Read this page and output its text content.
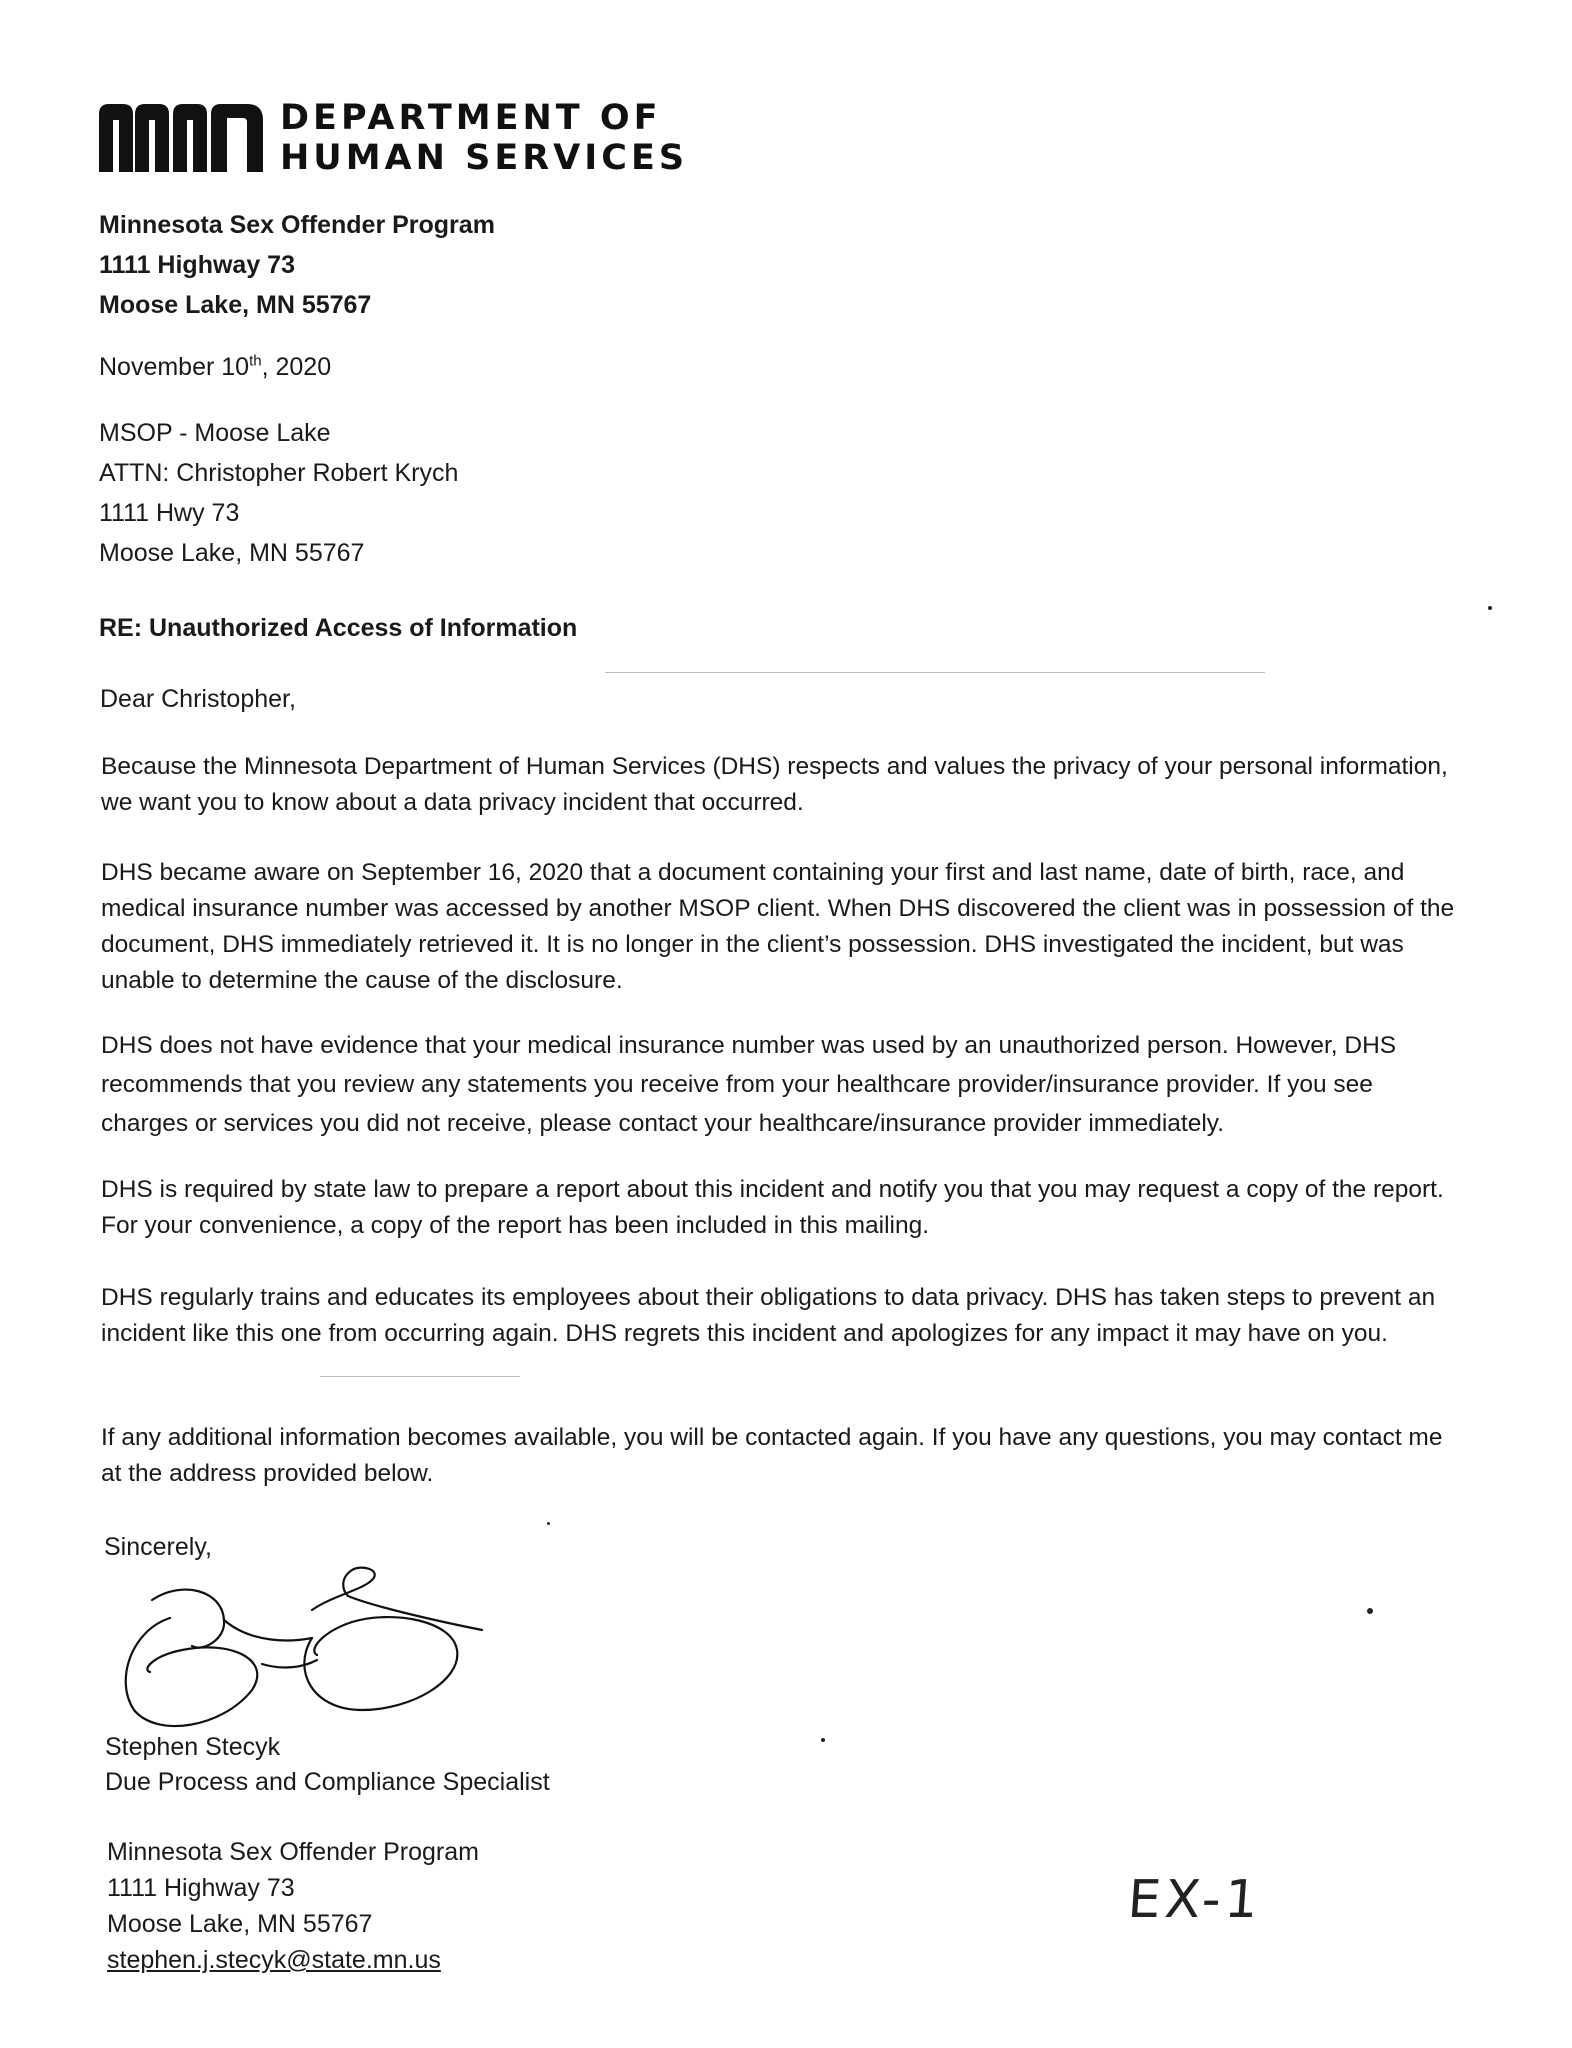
DEPARTMENT OF
HUMAN SERVICES
Minnesota Sex Offender Program
1111 Highway 73
Moose Lake, MN 55767
November 10th, 2020
MSOP - Moose Lake
ATTN: Christopher Robert Krych
1111 Hwy 73
Moose Lake, MN 55767
RE: Unauthorized Access of Information
Dear Christopher,
Because the Minnesota Department of Human Services (DHS) respects and values the privacy of your personal information, we want you to know about a data privacy incident that occurred.
DHS became aware on September 16, 2020 that a document containing your first and last name, date of birth, race, and medical insurance number was accessed by another MSOP client. When DHS discovered the client was in possession of the document, DHS immediately retrieved it. It is no longer in the client’s possession. DHS investigated the incident, but was unable to determine the cause of the disclosure.
DHS does not have evidence that your medical insurance number was used by an unauthorized person. However, DHS recommends that you review any statements you receive from your healthcare provider/insurance provider. If you see charges or services you did not receive, please contact your healthcare/insurance provider immediately.
DHS is required by state law to prepare a report about this incident and notify you that you may request a copy of the report. For your convenience, a copy of the report has been included in this mailing.
DHS regularly trains and educates its employees about their obligations to data privacy. DHS has taken steps to prevent an incident like this one from occurring again. DHS regrets this incident and apologizes for any impact it may have on you.
If any additional information becomes available, you will be contacted again. If you have any questions, you may contact me at the address provided below.
Sincerely,
Stephen Stecyk
Due Process and Compliance Specialist
Minnesota Sex Offender Program
1111 Highway 73
Moose Lake, MN 55767
stephen.j.stecyk@state.mn.us
EX-1
